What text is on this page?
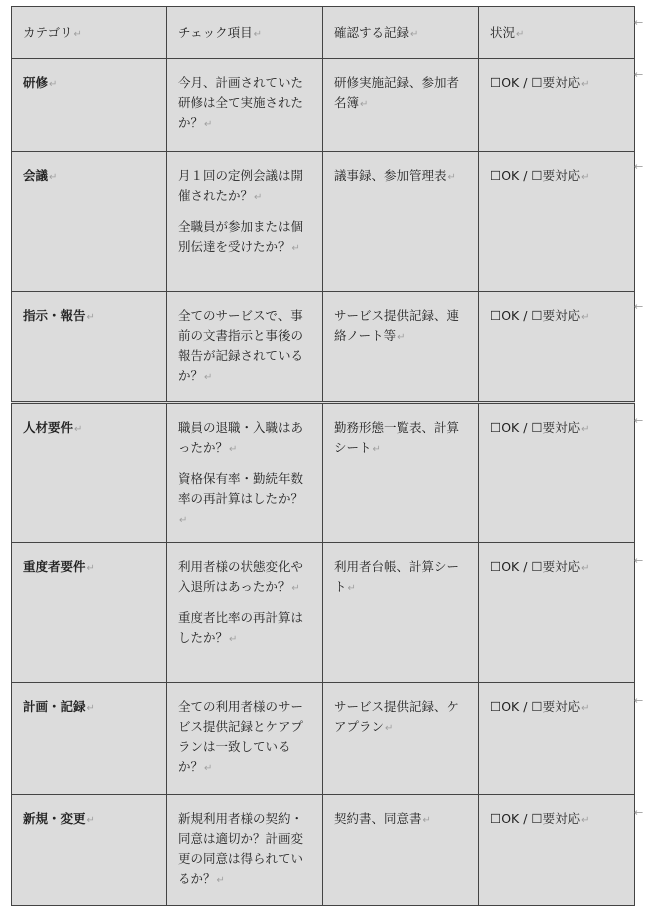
カテゴリ↵	チェック項目↵	確認する記録↵	状況↵

研修↵	今月、計画されていた研修は全て実施されたか？↵	研修実施記録、参加者名簿↵	☐OK / ☐要対応↵

会議↵	月１回の定例会議は開催されたか？↵
全職員が参加または個別伝達を受けたか？↵	議事録、参加管理表↵	☐OK / ☐要対応↵

指示・報告↵	全てのサービスで、事前の文書指示と事後の報告が記録されているか？↵	サービス提供記録、連絡ノート等↵	☐OK / ☐要対応↵

人材要件↵	職員の退職・入職はあったか？↵
資格保有率・勤続年数率の再計算はしたか？↵	勤務形態一覧表、計算シート↵	☐OK / ☐要対応↵

重度者要件↵	利用者様の状態変化や入退所はあったか？↵
重度者比率の再計算はしたか？↵	利用者台帳、計算シート↵	☐OK / ☐要対応↵

計画・記録↵	全ての利用者様のサービス提供記録とケアプランは一致しているか？↵	サービス提供記録、ケアプラン↵	☐OK / ☐要対応↵

新規・変更↵	新規利用者様の契約・同意は適切か？計画変更の同意は得られているか？↵	契約書、同意書↵	☐OK / ☐要対応↵
←
←
←
←
←
←
←
←
